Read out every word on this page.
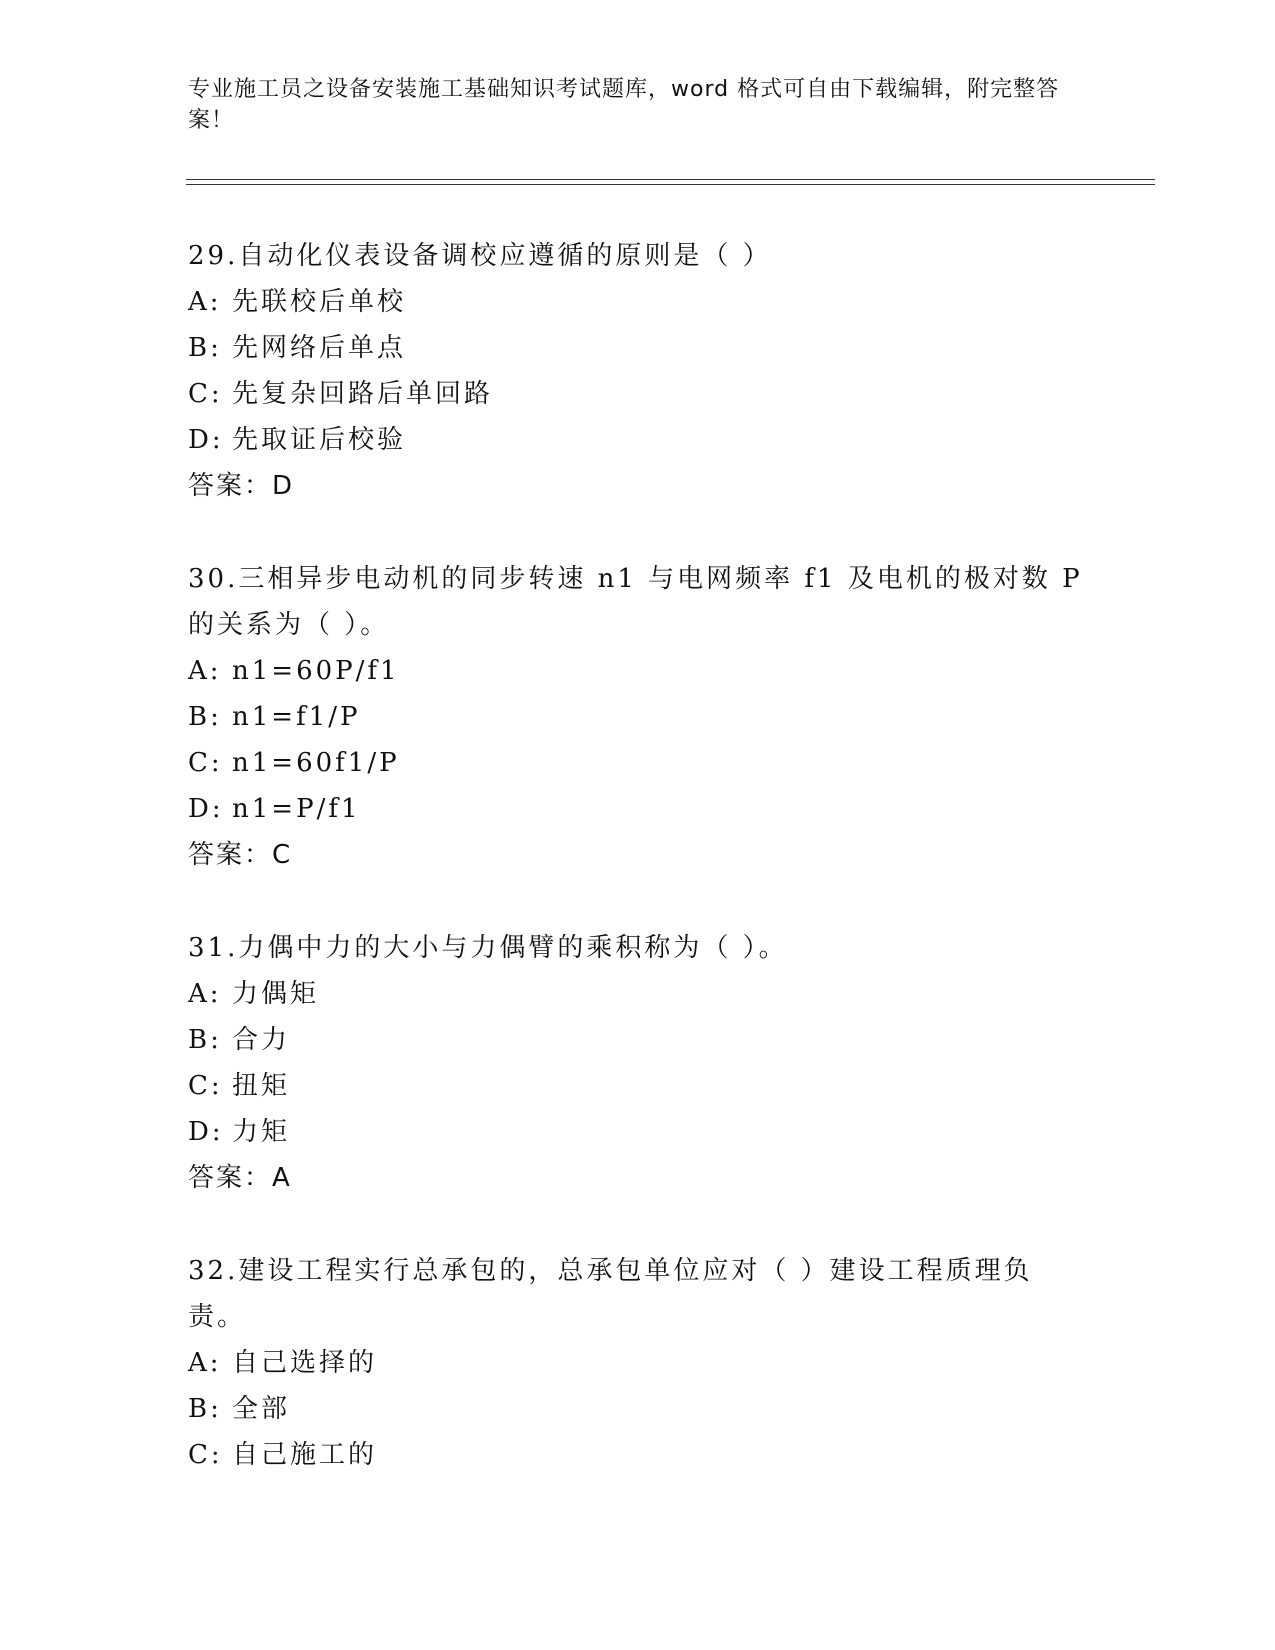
专业施工员之设备安装施工基础知识考试题库，word 格式可自由下载编辑，附完整答案！

29.自动化仪表设备调校应遵循的原则是（ ）

A: 先联校后单校

B: 先网络后单点

C: 先复杂回路后单回路

D: 先取证后校验

答案：D

30.三相异步电动机的同步转速 n1 与电网频率 f1 及电机的极对数 P 的关系为（ ）。

A: n1=60P/f1

B: n1=f1/P

C: n1=60f1/P

D: n1=P/f1

答案：C

31.力偶中力的大小与力偶臂的乘积称为（ ）。

A: 力偶矩

B: 合力

C: 扭矩

D: 力矩

答案：A

32.建设工程实行总承包的，总承包单位应对（ ）建设工程质理负责。

A: 自己选择的

B: 全部

C: 自己施工的
